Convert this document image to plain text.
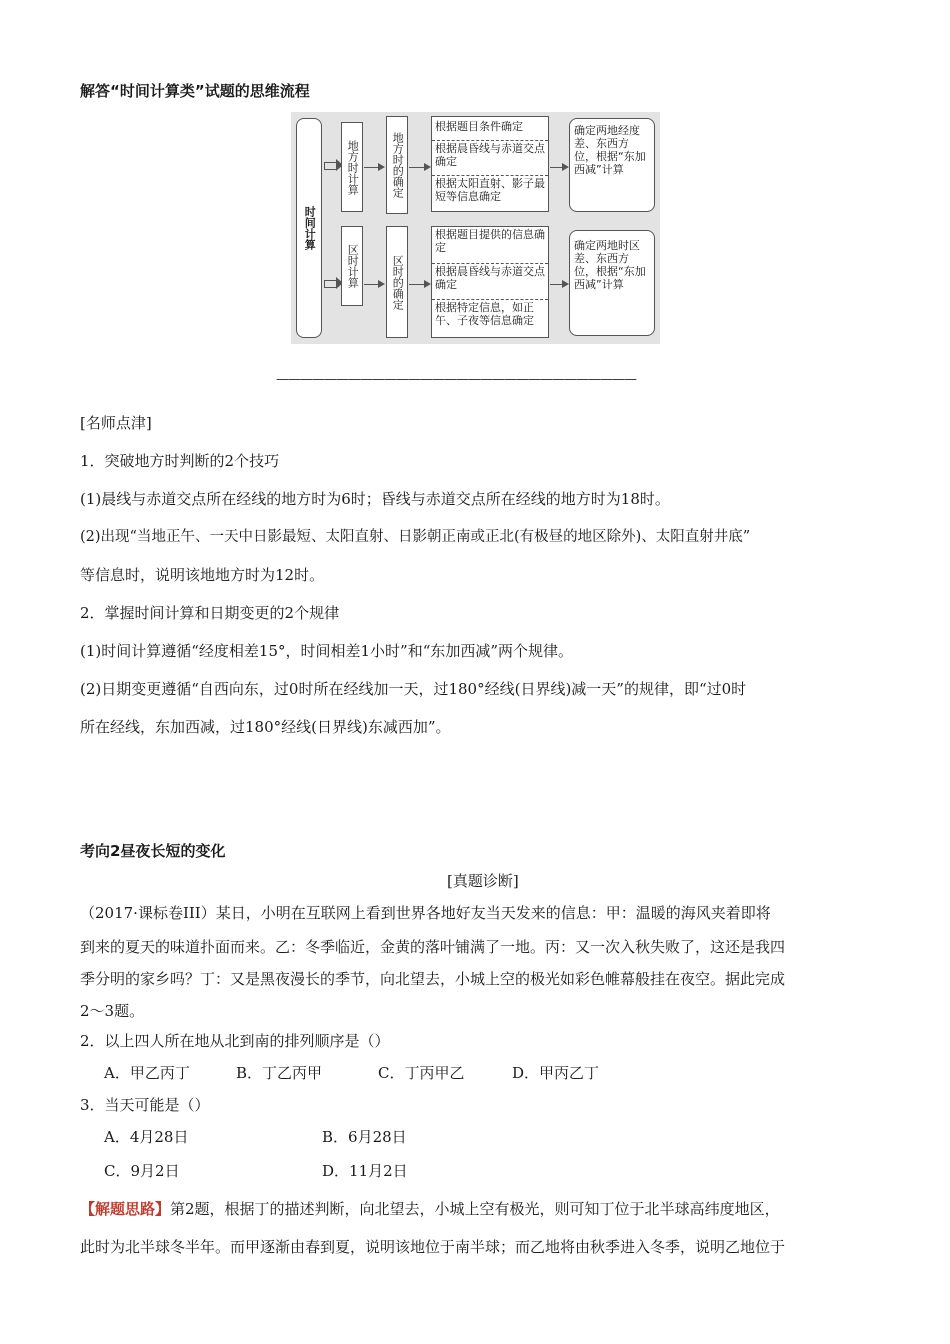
解答“时间计算类”试题的思维流程
时间计算
地方时计算	地方时的确定
根据题目条件确定
根据晨昏线与赤道交点确定
根据太阳直射、影子最短等信息确定
确定两地经度差、东西方位，根据“东加西减”计算
区时计算	区时的确定
根据题目提供的信息确定
根据晨昏线与赤道交点确定
根据特定信息，如正午、子夜等信息确定
确定两地时区差、东西方位，根据“东加西减”计算
——————————————————————————————
[名师点津]
1．突破地方时判断的2个技巧
(1)晨线与赤道交点所在经线的地方时为6时；昏线与赤道交点所在经线的地方时为18时。
(2)出现“当地正午、一天中日影最短、太阳直射、日影朝正南或正北(有极昼的地区除外)、太阳直射井底”
等信息时，说明该地地方时为12时。
2．掌握时间计算和日期变更的2个规律
(1)时间计算遵循“经度相差15°，时间相差1小时”和“东加西减”两个规律。
(2)日期变更遵循“自西向东，过0时所在经线加一天，过180°经线(日界线)减一天”的规律，即“过0时
所在经线，东加西减，过180°经线(日界线)东减西加”。
考向2昼夜长短的变化
[真题诊断]
（2017·课标卷III）某日，小明在互联网上看到世界各地好友当天发来的信息：甲：温暖的海风夹着即将
到来的夏天的味道扑面而来。乙：冬季临近，金黄的落叶铺满了一地。丙：又一次入秋失败了，这还是我四
季分明的家乡吗？丁：又是黑夜漫长的季节，向北望去，小城上空的极光如彩色帷幕般挂在夜空。据此完成
2～3题。
2．以上四人所在地从北到南的排列顺序是（）
A．甲乙丙丁	B．丁乙丙甲	C．丁丙甲乙	D．甲丙乙丁
3．当天可能是（）
A．4月28日	B．6月28日
C．9月2日	D．11月2日
【解题思路】第2题，根据丁的描述判断，向北望去，小城上空有极光，则可知丁位于北半球高纬度地区，
此时为北半球冬半年。而甲逐渐由春到夏，说明该地位于南半球；而乙地将由秋季进入冬季，说明乙地位于
